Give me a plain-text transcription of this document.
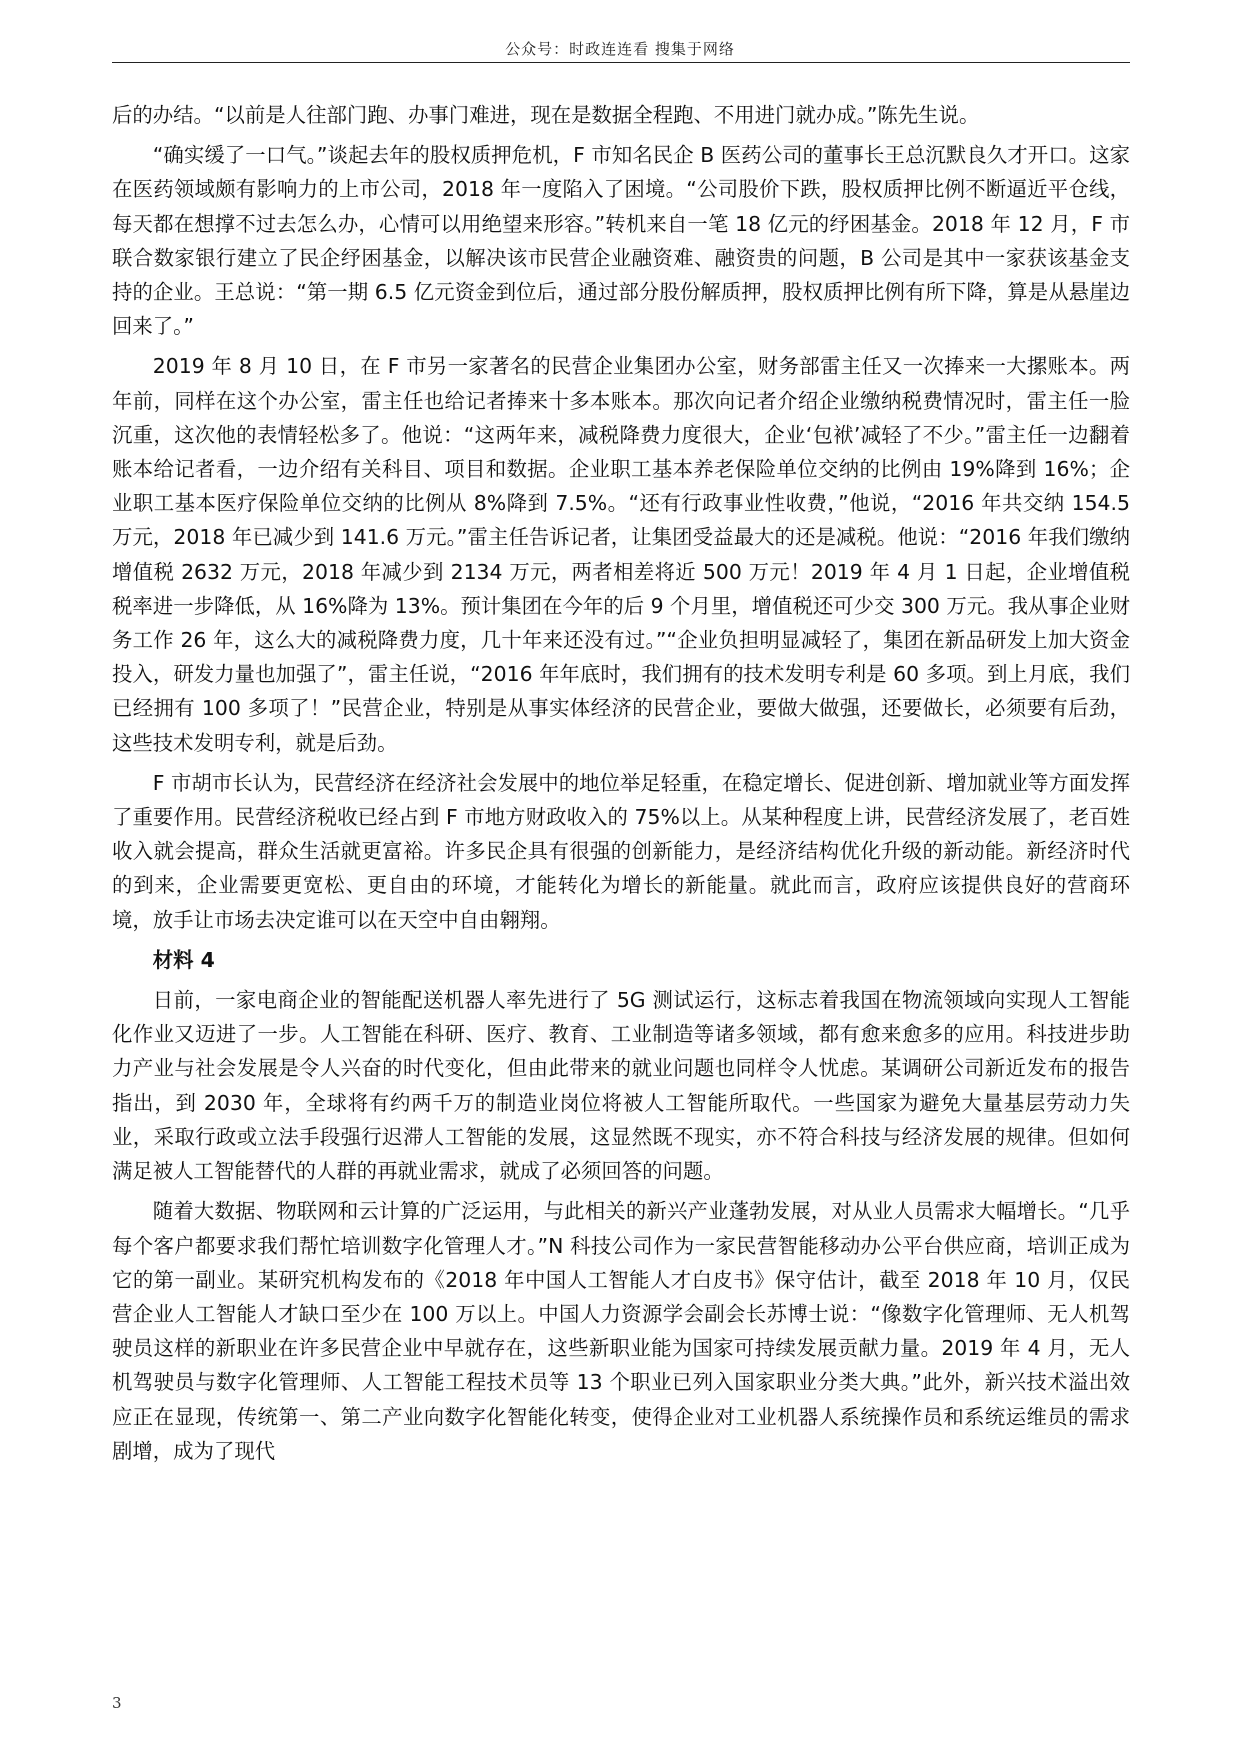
公众号：时政连连看 搜集于网络

后的办结。“以前是人往部门跑、办事门难进，现在是数据全程跑、不用进门就办成。”陈先生说。

“确实缓了一口气。”谈起去年的股权质押危机，F 市知名民企 B 医药公司的董事长王总沉默良久才开口。这家在医药领域颇有影响力的上市公司，2018 年一度陷入了困境。“公司股价下跌，股权质押比例不断逼近平仓线，每天都在想撑不过去怎么办，心情可以用绝望来形容。”转机来自一笔 18 亿元的纾困基金。2018 年 12 月，F 市联合数家银行建立了民企纾困基金，以解决该市民营企业融资难、融资贵的问题，B 公司是其中一家获该基金支持的企业。王总说：“第一期 6.5 亿元资金到位后，通过部分股份解质押，股权质押比例有所下降，算是从悬崖边回来了。”

2019 年 8 月 10 日，在 F 市另一家著名的民营企业集团办公室，财务部雷主任又一次捧来一大摞账本。两年前，同样在这个办公室，雷主任也给记者捧来十多本账本。那次向记者介绍企业缴纳税费情况时，雷主任一脸沉重，这次他的表情轻松多了。他说：“这两年来，减税降费力度很大，企业‘包袱’减轻了不少。”雷主任一边翻着账本给记者看，一边介绍有关科目、项目和数据。企业职工基本养老保险单位交纳的比例由 19%降到 16%；企业职工基本医疗保险单位交纳的比例从 8%降到 7.5%。“还有行政事业性收费，”他说，“2016 年共交纳 154.5 万元，2018 年已减少到 141.6 万元。”雷主任告诉记者，让集团受益最大的还是减税。他说：“2016 年我们缴纳增值税 2632 万元，2018 年减少到 2134 万元，两者相差将近 500 万元！2019 年 4 月 1 日起，企业增值税税率进一步降低，从 16%降为 13%。预计集团在今年的后 9 个月里，增值税还可少交 300 万元。我从事企业财务工作 26 年，这么大的减税降费力度，几十年来还没有过。”“企业负担明显减轻了，集团在新品研发上加大资金投入，研发力量也加强了”，雷主任说，“2016 年年底时，我们拥有的技术发明专利是 60 多项。到上月底，我们已经拥有 100 多项了！”民营企业，特别是从事实体经济的民营企业，要做大做强，还要做长，必须要有后劲，这些技术发明专利，就是后劲。

F 市胡市长认为，民营经济在经济社会发展中的地位举足轻重，在稳定增长、促进创新、增加就业等方面发挥了重要作用。民营经济税收已经占到 F 市地方财政收入的 75%以上。从某种程度上讲，民营经济发展了，老百姓收入就会提高，群众生活就更富裕。许多民企具有很强的创新能力，是经济结构优化升级的新动能。新经济时代的到来，企业需要更宽松、更自由的环境，才能转化为增长的新能量。就此而言，政府应该提供良好的营商环境，放手让市场去决定谁可以在天空中自由翱翔。

材料 4

日前，一家电商企业的智能配送机器人率先进行了 5G 测试运行，这标志着我国在物流领域向实现人工智能化作业又迈进了一步。人工智能在科研、医疗、教育、工业制造等诸多领域，都有愈来愈多的应用。科技进步助力产业与社会发展是令人兴奋的时代变化，但由此带来的就业问题也同样令人忧虑。某调研公司新近发布的报告指出，到 2030 年，全球将有约两千万的制造业岗位将被人工智能所取代。一些国家为避免大量基层劳动力失业，采取行政或立法手段强行迟滞人工智能的发展，这显然既不现实，亦不符合科技与经济发展的规律。但如何满足被人工智能替代的人群的再就业需求，就成了必须回答的问题。

随着大数据、物联网和云计算的广泛运用，与此相关的新兴产业蓬勃发展，对从业人员需求大幅增长。“几乎每个客户都要求我们帮忙培训数字化管理人才。”N 科技公司作为一家民营智能移动办公平台供应商，培训正成为它的第一副业。某研究机构发布的《2018 年中国人工智能人才白皮书》保守估计，截至 2018 年 10 月，仅民营企业人工智能人才缺口至少在 100 万以上。中国人力资源学会副会长苏博士说：“像数字化管理师、无人机驾驶员这样的新职业在许多民营企业中早就存在，这些新职业能为国家可持续发展贡献力量。2019 年 4 月，无人机驾驶员与数字化管理师、人工智能工程技术员等 13 个职业已列入国家职业分类大典。”此外，新兴技术溢出效应正在显现，传统第一、第二产业向数字化智能化转变，使得企业对工业机器人系统操作员和系统运维员的需求剧增，成为了现代

3
